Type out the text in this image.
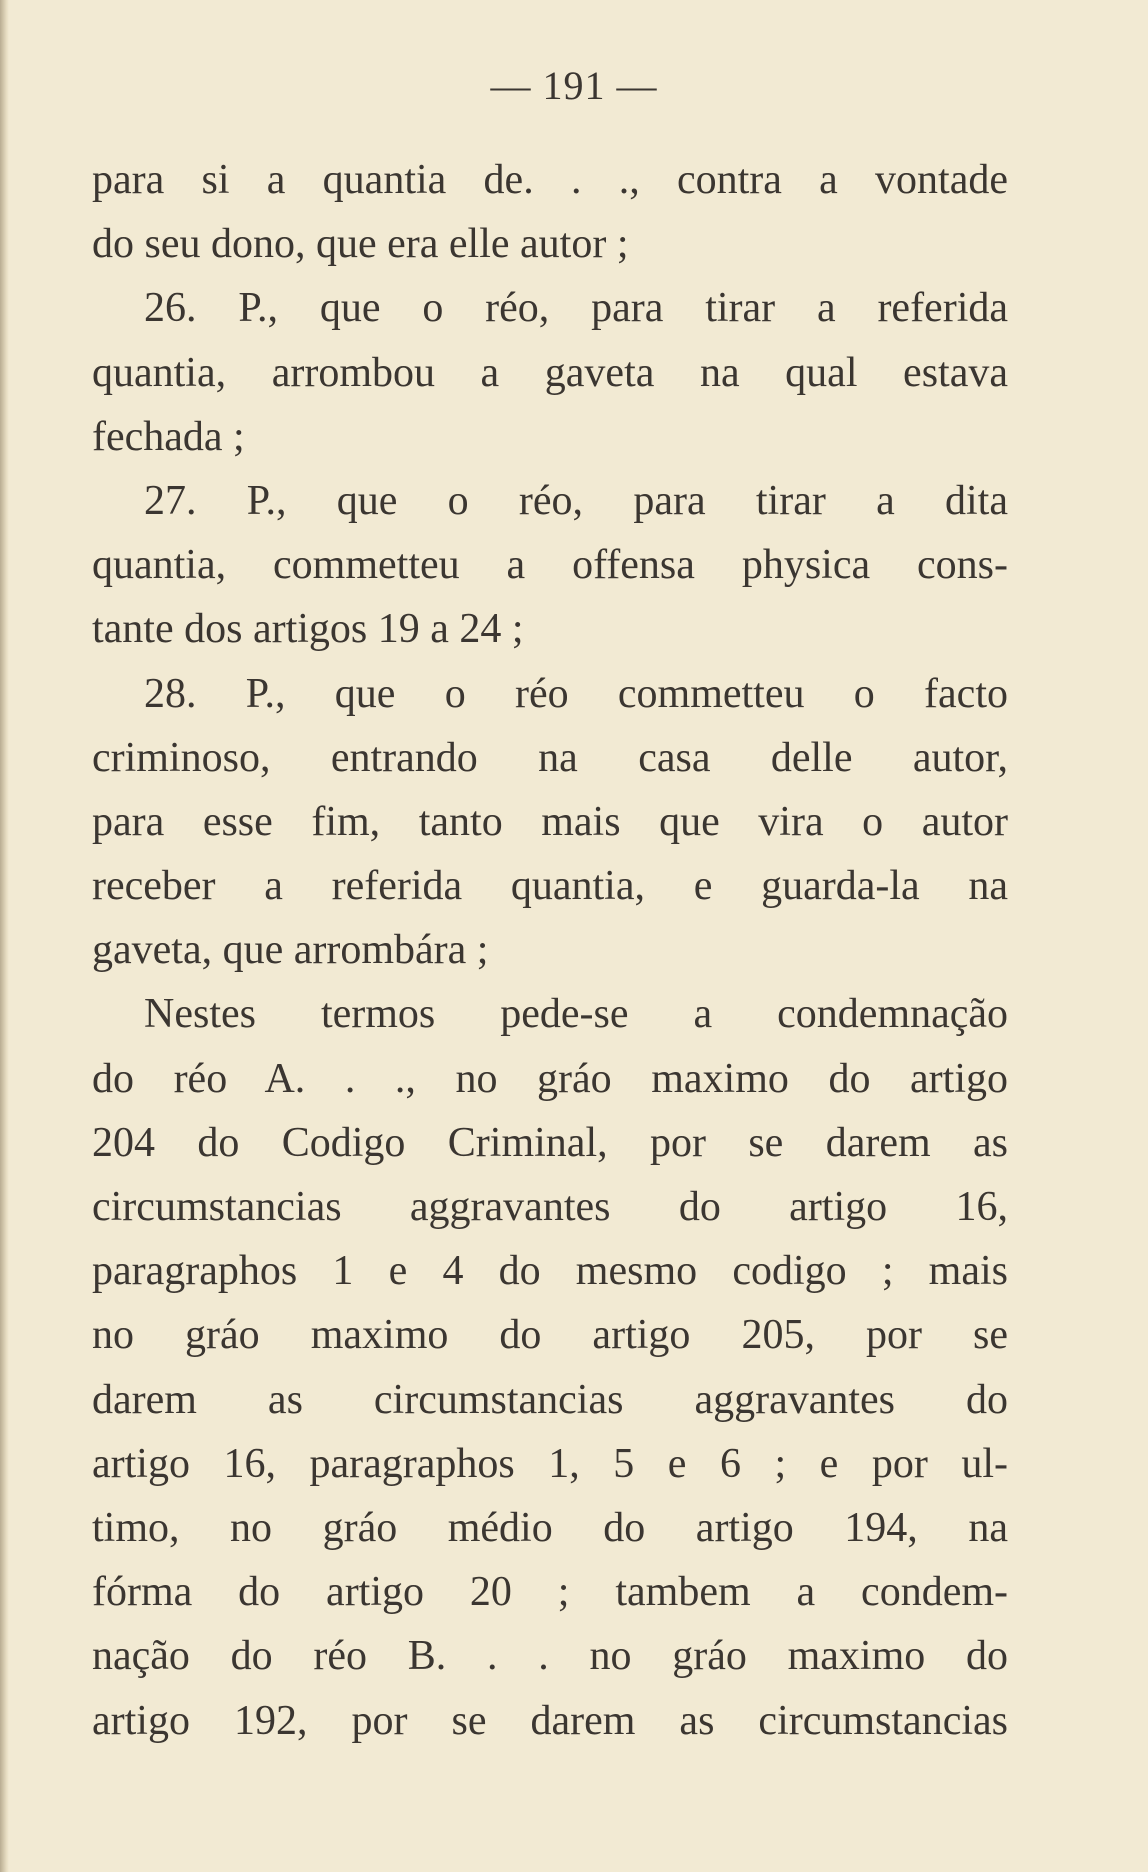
— 191 —
para si a quantia de. . ., contra a vontade
do seu dono, que era elle autor ;
26. P., que o réo, para tirar a referida
quantia, arrombou a gaveta na qual estava
fechada ;
27. P., que o réo, para tirar a dita
quantia, commetteu a offensa physica cons-
tante dos artigos 19 a 24 ;
28. P., que o réo commetteu o facto
criminoso, entrando na casa delle autor,
para esse fim, tanto mais que vira o autor
receber a referida quantia, e guarda-la na
gaveta, que arrombára ;
Nestes termos pede-se a condemnação
do réo A. . ., no gráo maximo do artigo
204 do Codigo Criminal, por se darem as
circumstancias aggravantes do artigo 16,
paragraphos 1 e 4 do mesmo codigo ; mais
no gráo maximo do artigo 205, por se
darem as circumstancias aggravantes do
artigo 16, paragraphos 1, 5 e 6 ; e por ul-
timo, no gráo médio do artigo 194, na
fórma do artigo 20 ; tambem a condem-
nação do réo B. . . no gráo maximo do
artigo 192, por se darem as circumstancias
